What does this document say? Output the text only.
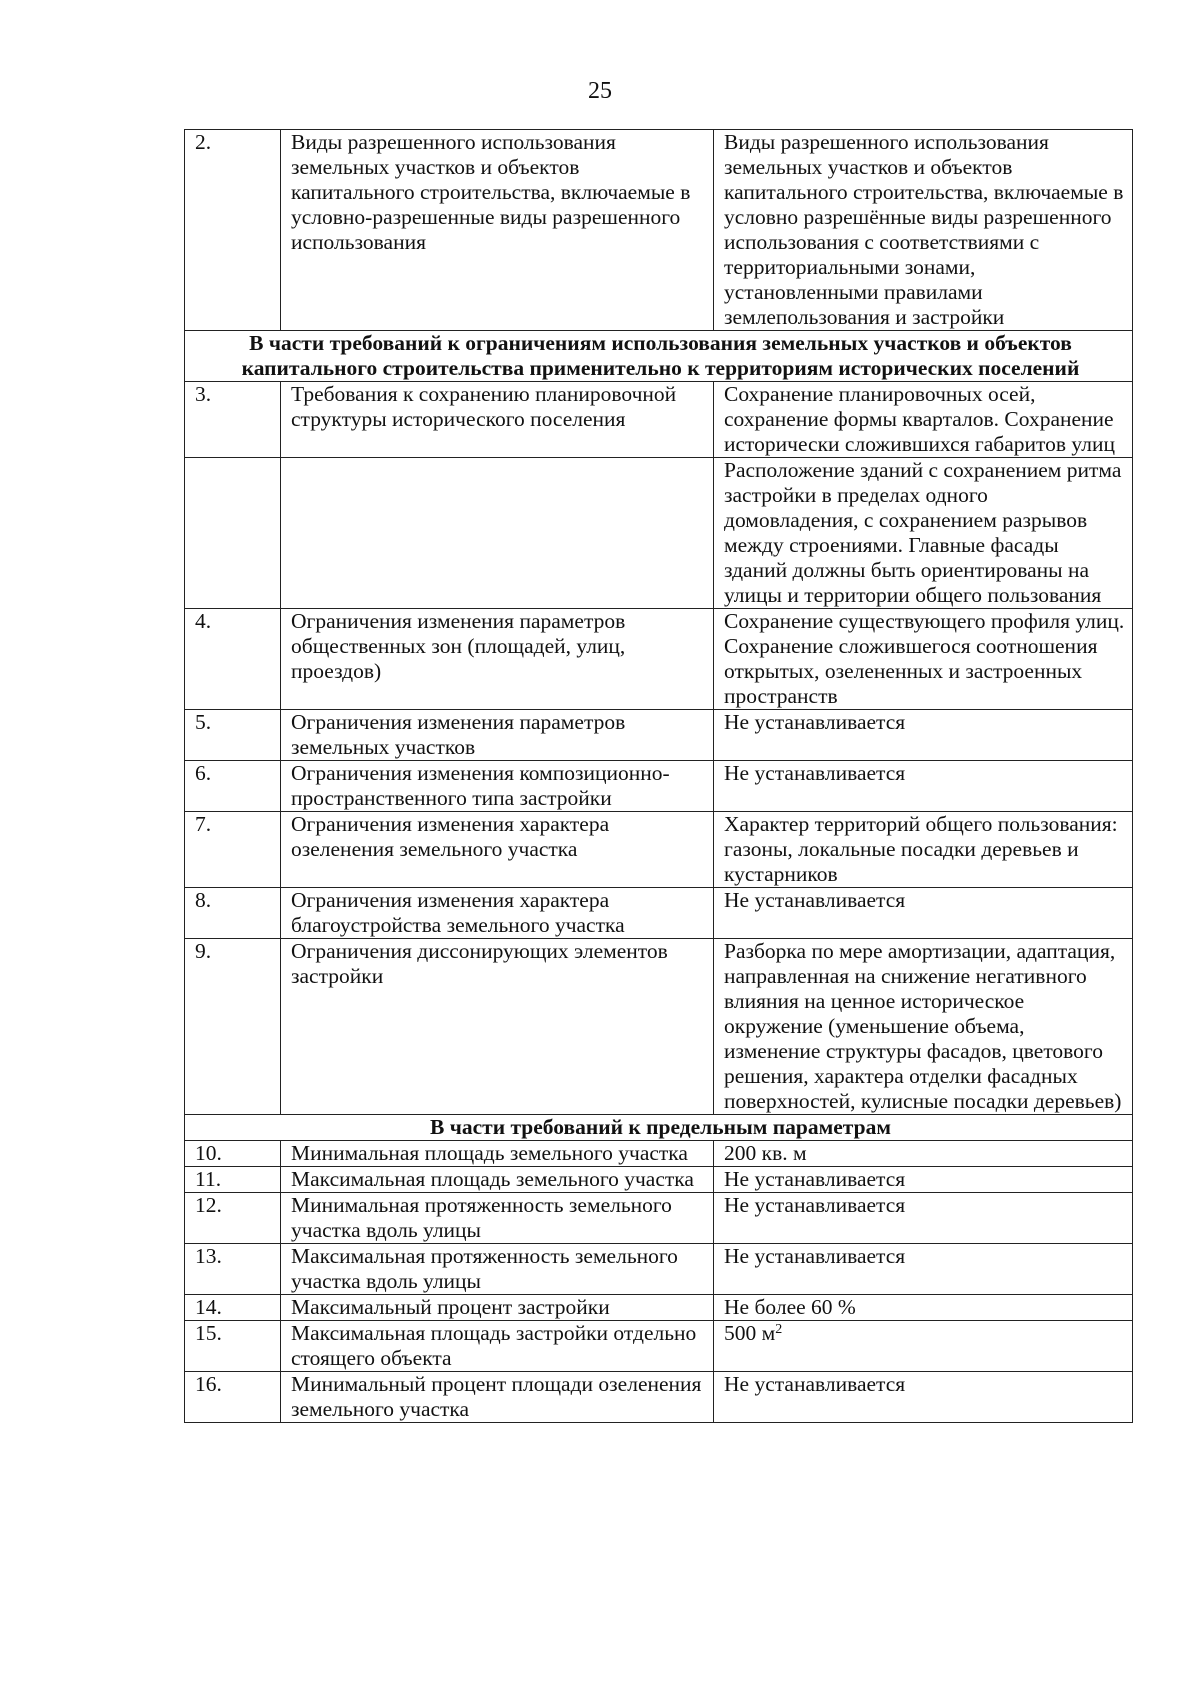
25
2.	Виды разрешенного использования земельных участков и объектов капитального строительства, включаемые в условно-разрешенные виды разрешенного использования	Виды разрешенного использования земельных участков и объектов капитального строительства, включаемые в условно разрешённые виды разрешенного использования с соответствиями с территориальными зонами, установленными правилами землепользования и застройки
В части требований к ограничениям использования земельных участков и объектов капитального строительства применительно к территориям исторических поселений		
3.	Требования к сохранению планировочной структуры исторического поселения	Сохранение планировочных осей, сохранение формы кварталов. Сохранение исторически сложившихся габаритов улиц
		Расположение зданий с сохранением ритма застройки в пределах одного домовладения, с сохранением разрывов между строениями. Главные фасады зданий должны быть ориентированы на улицы и территории общего пользования
4.	Ограничения изменения параметров общественных зон (площадей, улиц, проездов)	Сохранение существующего профиля улиц. Сохранение сложившегося соотношения открытых, озелененных и застроенных пространств
5.	Ограничения изменения параметров земельных участков	Не устанавливается
6.	Ограничения изменения композиционно-пространственного типа застройки	Не устанавливается
7.	Ограничения изменения характера озеленения земельного участка	Характер территорий общего пользования: газоны, локальные посадки деревьев и кустарников
8.	Ограничения изменения характера благоустройства земельного участка	Не устанавливается
9.	Ограничения диссонирующих элементов застройки	Разборка по мере амортизации, адаптация, направленная на снижение негативного влияния на ценное историческое окружение (уменьшение объема, изменение структуры фасадов, цветового решения, характера отделки фасадных поверхностей, кулисные посадки деревьев)
В части требований к предельным параметрам		
10.	Минимальная площадь земельного участка	200 кв. м
11.	Максимальная площадь земельного участка	Не устанавливается
12.	Минимальная протяженность земельного участка вдоль улицы	Не устанавливается
13.	Максимальная протяженность земельного участка вдоль улицы	Не устанавливается
14.	Максимальный процент застройки	Не более 60 %
15.	Максимальная площадь застройки отдельно стоящего объекта	500 $м^2$
16.	Минимальный процент площади озеленения земельного участка	Не устанавливается
